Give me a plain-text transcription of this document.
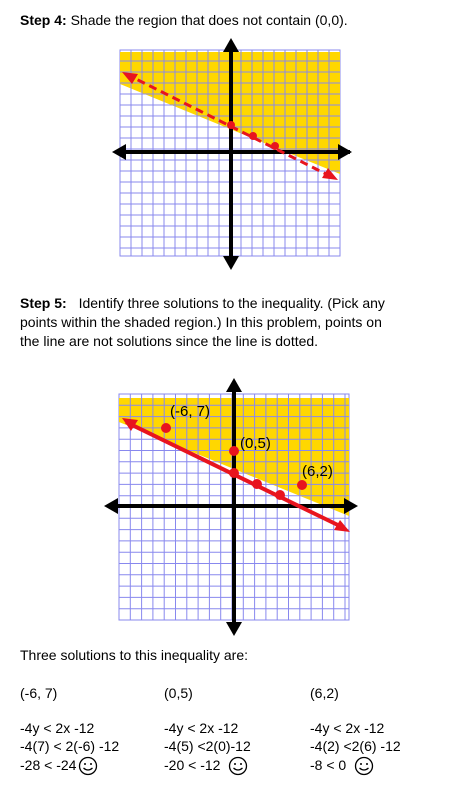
Step 4: Shade the region that does not contain (0,0).
Step 5: Identify three solutions to the inequality. (Pick any
points within the shaded region.) In this problem, points on
the line are not solutions since the line is dotted.
(-6, 7)
(0,5)
(6,2)
Three solutions to this inequality are:
(-6, 7)
-4y < 2x -12
-4(7) < 2(-6) -12
-28 < -24
(0,5)
-4y < 2x -12
-4(5) <2(0)-12
-20 < -12
(6,2)
-4y < 2x -12
-4(2) <2(6) -12
-8 < 0
